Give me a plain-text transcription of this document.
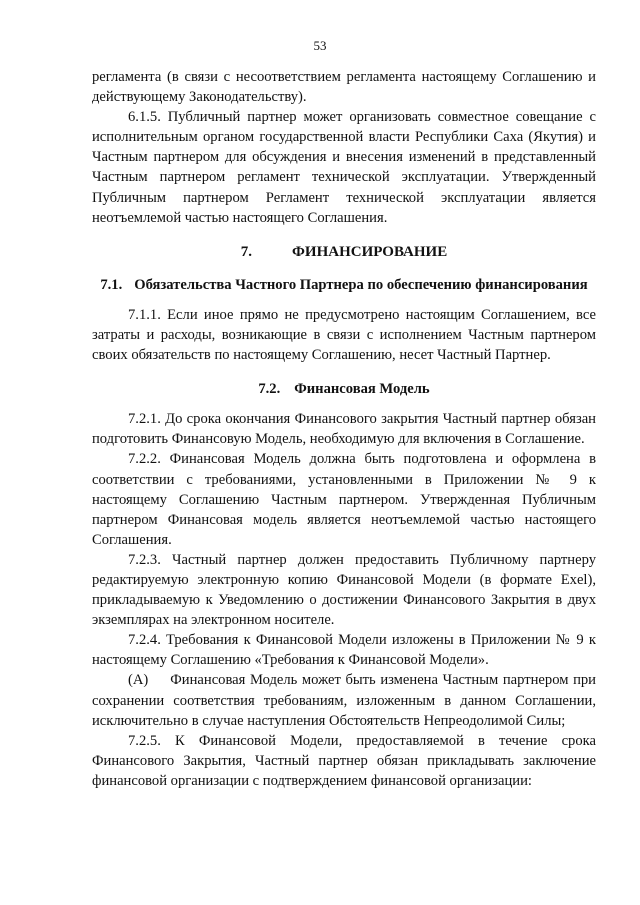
53

регламента (в связи с несоответствием регламента настоящему Соглашению и действующему Законодательству).

6.1.5. Публичный партнер может организовать совместное совещание с исполнительным органом государственной власти Республики Саха (Якутия) и Частным партнером для обсуждения и внесения изменений в представленный Частным партнером регламент технической эксплуатации. Утвержденный Публичным партнером Регламент технической эксплуатации является неотъемлемой частью настоящего Соглашения.

7.	ФИНАНСИРОВАНИЕ
7.1. Обязательства Частного Партнера по обеспечению финансирования

7.1.1. Если иное прямо не предусмотрено настоящим Соглашением, все затраты и расходы, возникающие в связи с исполнением Частным партнером своих обязательств по настоящему Соглашению, несет Частный Партнер.

7.2. Финансовая Модель

7.2.1. До срока окончания Финансового закрытия Частный партнер обязан подготовить Финансовую Модель, необходимую для включения в Соглашение.

7.2.2. Финансовая Модель должна быть подготовлена и оформлена в соответствии с требованиями, установленными в Приложении № 9 к настоящему Соглашению Частным партнером. Утвержденная Публичным партнером Финансовая модель является неотъемлемой частью настоящего Соглашения.

7.2.3. Частный партнер должен предоставить Публичному партнеру редактируемую электронную копию Финансовой Модели (в формате Exel), прикладываемую к Уведомлению о достижении Финансового Закрытия в двух экземплярах на электронном носителе.

7.2.4. Требования к Финансовой Модели изложены в Приложении № 9 к настоящему Соглашению «Требования к Финансовой Модели».

(А) Финансовая Модель может быть изменена Частным партнером при сохранении соответствия требованиям, изложенным в данном Соглашении, исключительно в случае наступления Обстоятельств Непреодолимой Силы;

7.2.5. К Финансовой Модели, предоставляемой в течение срока Финансового Закрытия, Частный партнер обязан прикладывать заключение финансовой организации с подтверждением финансовой организации:
